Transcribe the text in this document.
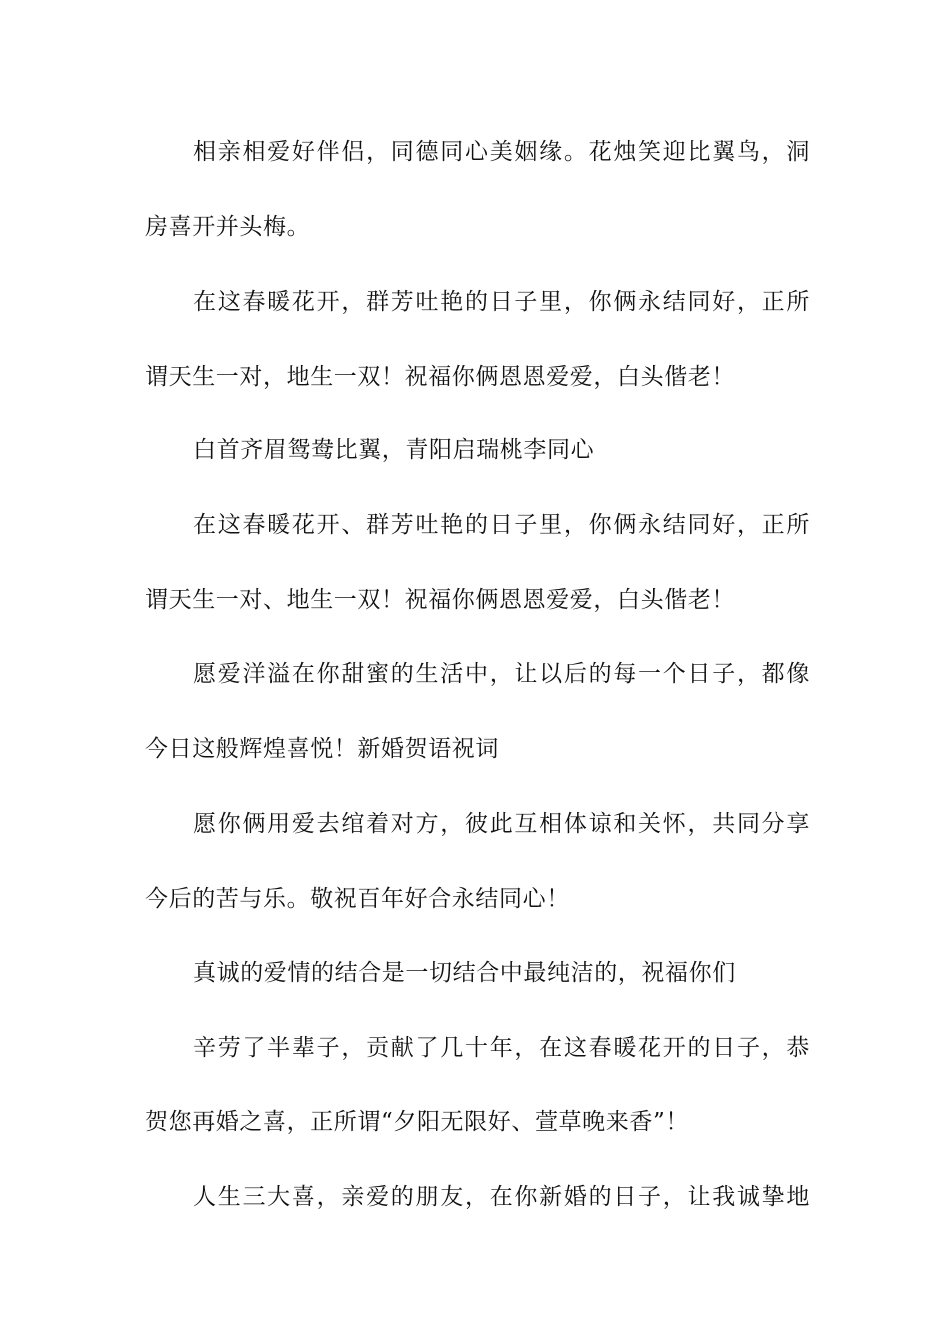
相亲相爱好伴侣，同德同心美姻缘。花烛笑迎比翼鸟，洞
房喜开并头梅。
在这春暖花开，群芳吐艳的日子里，你俩永结同好，正所
谓天生一对，地生一双！祝福你俩恩恩爱爱，白头偕老！
白首齐眉鸳鸯比翼，青阳启瑞桃李同心
在这春暖花开、群芳吐艳的日子里，你俩永结同好，正所
谓天生一对、地生一双！祝福你俩恩恩爱爱，白头偕老！
愿爱洋溢在你甜蜜的生活中，让以后的每一个日子，都像
今日这般辉煌喜悦！新婚贺语祝词
愿你俩用爱去绾着对方，彼此互相体谅和关怀，共同分享
今后的苦与乐。敬祝百年好合永结同心！
真诚的爱情的结合是一切结合中最纯洁的，祝福你们
辛劳了半辈子，贡献了几十年，在这春暖花开的日子，恭
贺您再婚之喜，正所谓“夕阳无限好、萱草晚来香”！
人生三大喜，亲爱的朋友，在你新婚的日子，让我诚挚地
